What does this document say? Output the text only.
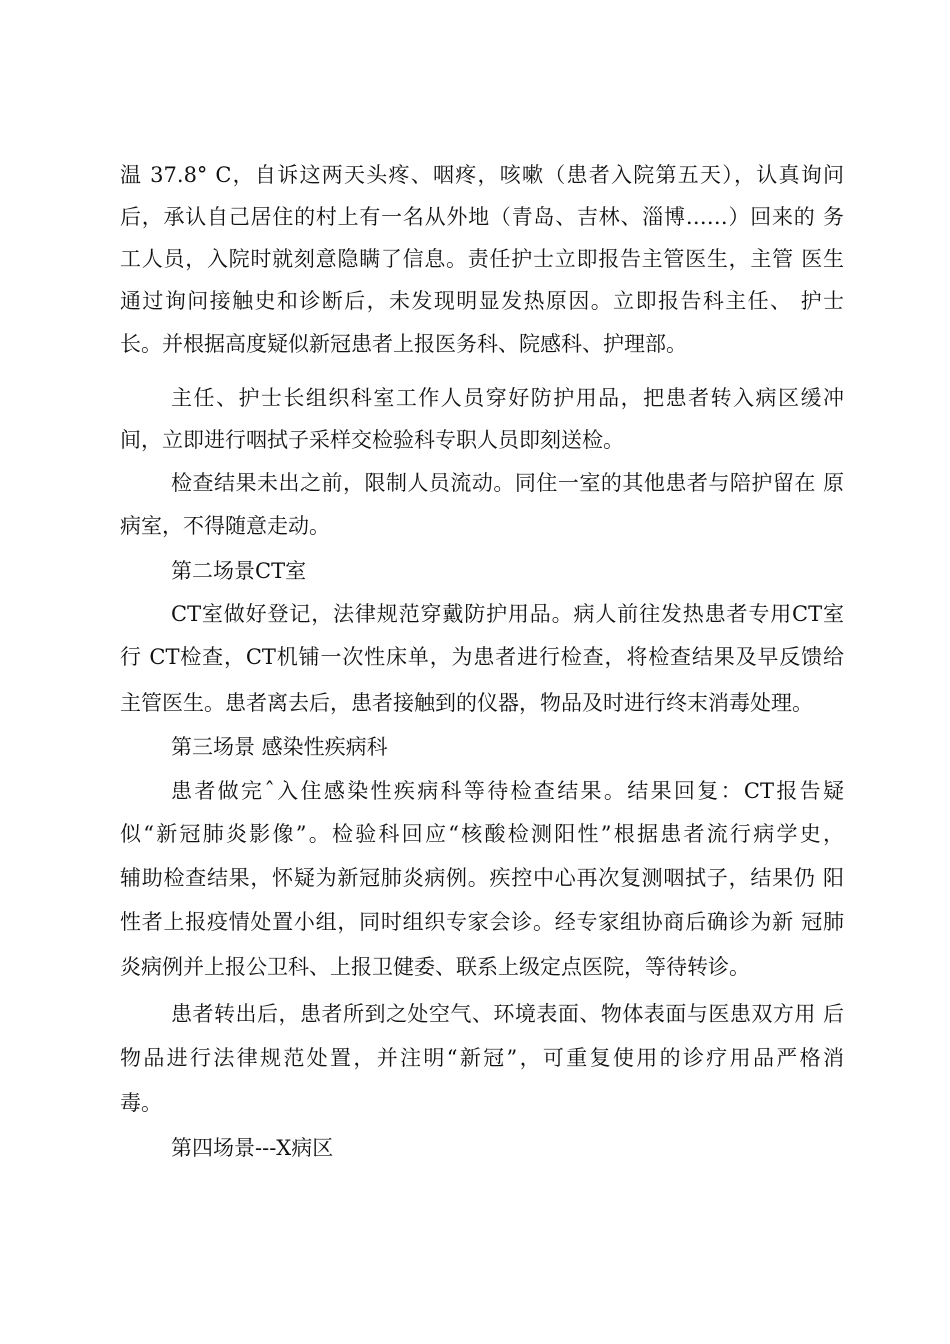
温 37.8° C，自诉这两天头疼、咽疼，咳嗽（患者入院第五天），认真询问
后，承认自己居住的村上有一名从外地（青岛、吉林、淄博……）回来的 务
工人员，入院时就刻意隐瞒了信息。责任护士立即报告主管医生，主管 医生
通过询问接触史和诊断后，未发现明显发热原因。立即报告科主任、 护士
长。并根据高度疑似新冠患者上报医务科、院感科、护理部。
主任、护士长组织科室工作人员穿好防护用品，把患者转入病区缓冲
间，立即进行咽拭子采样交检验科专职人员即刻送检。
检查结果未出之前，限制人员流动。同住一室的其他患者与陪护留在 原
病室，不得随意走动。
第二场景CT室
CT室做好登记，法律规范穿戴防护用品。病人前往发热患者专用CT室
行 CT检查，CT机铺一次性床单，为患者进行检查，将检查结果及早反馈给
主管医生。患者离去后，患者接触到的仪器，物品及时进行终末消毒处理。
第三场景 感染性疾病科
患者做完ˆ入住感染性疾病科等待检查结果。结果回复：CT报告疑
似“新冠肺炎影像”。检验科回应“核酸检测阳性”根据患者流行病学史，
辅助检查结果，怀疑为新冠肺炎病例。疾控中心再次复测咽拭子，结果仍 阳
性者上报疫情处置小组，同时组织专家会诊。经专家组协商后确诊为新 冠肺
炎病例并上报公卫科、上报卫健委、联系上级定点医院，等待转诊。
患者转出后，患者所到之处空气、环境表面、物体表面与医患双方用 后
物品进行法律规范处置，并注明“新冠”，可重复使用的诊疗用品严格消
毒。
第四场景---X病区
